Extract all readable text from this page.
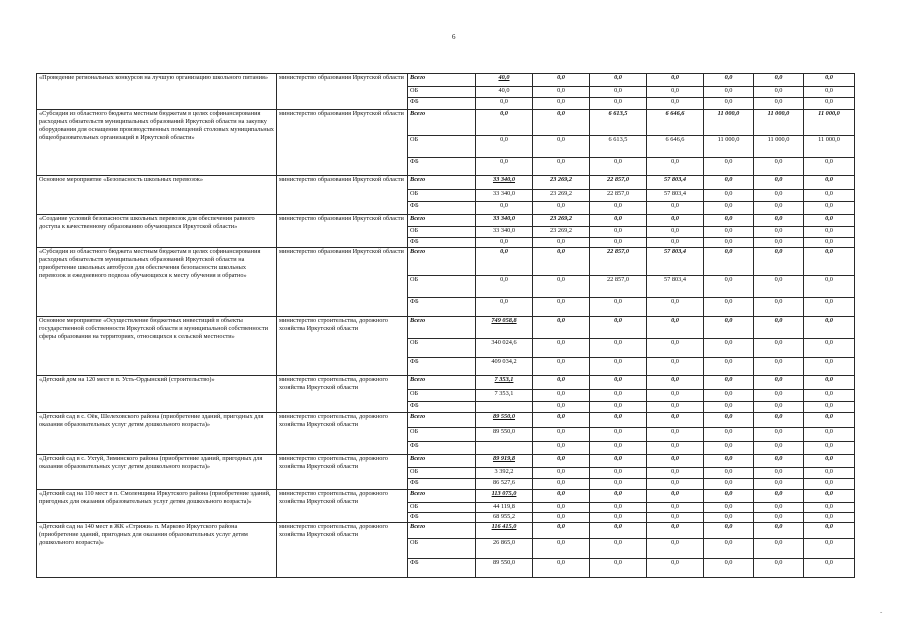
6
«Проведение региональных конкурсов на лучшую организацию школьного питания»	министерство образования Иркутской области	Всего	40,0	0,0	0,0	0,0	0,0	0,0	0,0
		ОБ	40,0	0,0	0,0	0,0	0,0	0,0	0,0
		ФБ	0,0	0,0	0,0	0,0	0,0	0,0	0,0
«Субсидия из областного бюджета местным бюджетам в целях софинансирования расходных обязательств муниципальных образований Иркутской области на закупку оборудования для оснащения производственных помещений столовых муниципальных общеобразовательных организаций в Иркутской области»	министерство образования Иркутской области	Всего	0,0	0,0	6 613,5	6 646,6	11 000,0	11 000,0	11 000,0
		ОБ	0,0	0,0	6 613,5	6 646,6	11 000,0	11 000,0	11 000,0
		ФБ	0,0	0,0	0,0	0,0	0,0	0,0	0,0
Основное мероприятие «Безопасность школьных перевозок»	министерство образования Иркутской области	Всего	33 340,0	23 269,2	22 857,0	57 803,4	0,0	0,0	0,0
		ОБ	33 340,0	23 269,2	22 857,0	57 803,4	0,0	0,0	0,0
		ФБ	0,0	0,0	0,0	0,0	0,0	0,0	0,0
«Создание условий безопасности школьных перевозок для обеспечения равного доступа к качественному образованию обучающихся Иркутской области»	министерство образования Иркутской области	Всего	33 340,0	23 269,2	0,0	0,0	0,0	0,0	0,0
		ОБ	33 340,0	23 269,2	0,0	0,0	0,0	0,0	0,0
		ФБ	0,0	0,0	0,0	0,0	0,0	0,0	0,0
«Субсидия из областного бюджета местным бюджетам в целях софинансирования расходных обязательств муниципальных образований Иркутской области на приобретение школьных автобусов для обеспечения безопасности школьных перевозок и ежедневного подвоза обучающихся к месту обучения и обратно»	министерство образования Иркутской области	Всего	0,0	0,0	22 857,0	57 803,4	0,0	0,0	0,0
		ОБ	0,0	0,0	22 857,0	57 803,4	0,0	0,0	0,0
		ФБ	0,0	0,0	0,0	0,0	0,0	0,0	0,0
Основное мероприятие «Осуществление бюджетных инвестиций в объекты государственной собственности Иркутской области и муниципальной собственности сферы образования на территориях, относящихся к сельской местности»	министерство строительства, дорожного хозяйства Иркутской области	Всего	749 058,8	0,0	0,0	0,0	0,0	0,0	0,0
		ОБ	340 024,6	0,0	0,0	0,0	0,0	0,0	0,0
		ФБ	409 034,2	0,0	0,0	0,0	0,0	0,0	0,0
«Детский дом на 120 мест в п. Усть-Ордынский (строительство)»	министерство строительства, дорожного хозяйства Иркутской области	Всего	7 353,1	0,0	0,0	0,0	0,0	0,0	0,0
		ОБ	7 353,1	0,0	0,0	0,0	0,0	0,0	0,0
		ФБ		0,0	0,0	0,0	0,0	0,0	0,0
«Детский сад в с. Оёк, Шелеховского района (приобретение зданий, пригодных для оказания образовательных услуг детям дошкольного возраста)»	министерство строительства, дорожного хозяйства Иркутской области	Всего	89 550,0	0,0	0,0	0,0	0,0	0,0	0,0
		ОБ	89 550,0	0,0	0,0	0,0	0,0	0,0	0,0
		ФБ		0,0	0,0	0,0	0,0	0,0	0,0
«Детский сад в с. Ухтуй, Зиминского района (приобретение зданий, пригодных для оказания образовательных услуг детям дошкольного возраста)»	министерство строительства, дорожного хозяйства Иркутской области	Всего	89 919,8	0,0	0,0	0,0	0,0	0,0	0,0
		ОБ	3 392,2	0,0	0,0	0,0	0,0	0,0	0,0
		ФБ	86 527,6	0,0	0,0	0,0	0,0	0,0	0,0
«Детский сад на 110 мест в п. Смоленщина Иркутского района (приобретение зданий, пригодных для оказания образовательных услуг детям дошкольного возраста)»	министерство строительства, дорожного хозяйства Иркутской области	Всего	113 075,0	0,0	0,0	0,0	0,0	0,0	0,0
		ОБ	44 119,8	0,0	0,0	0,0	0,0	0,0	0,0
		ФБ	68 955,2	0,0	0,0	0,0	0,0	0,0	0,0
«Детский сад на 140 мест в ЖК «Стрижи» п. Марково Иркутского района (приобретение зданий, пригодных для оказания образовательных услуг детям дошкольного возраста)»	министерство строительства, дорожного хозяйства Иркутской области	Всего	116 415,0	0,0	0,0	0,0	0,0	0,0	0,0
		ОБ	26 865,0	0,0	0,0	0,0	0,0	0,0	0,0
		ФБ	89 550,0	0,0	0,0	0,0	0,0	0,0	0,0
-
